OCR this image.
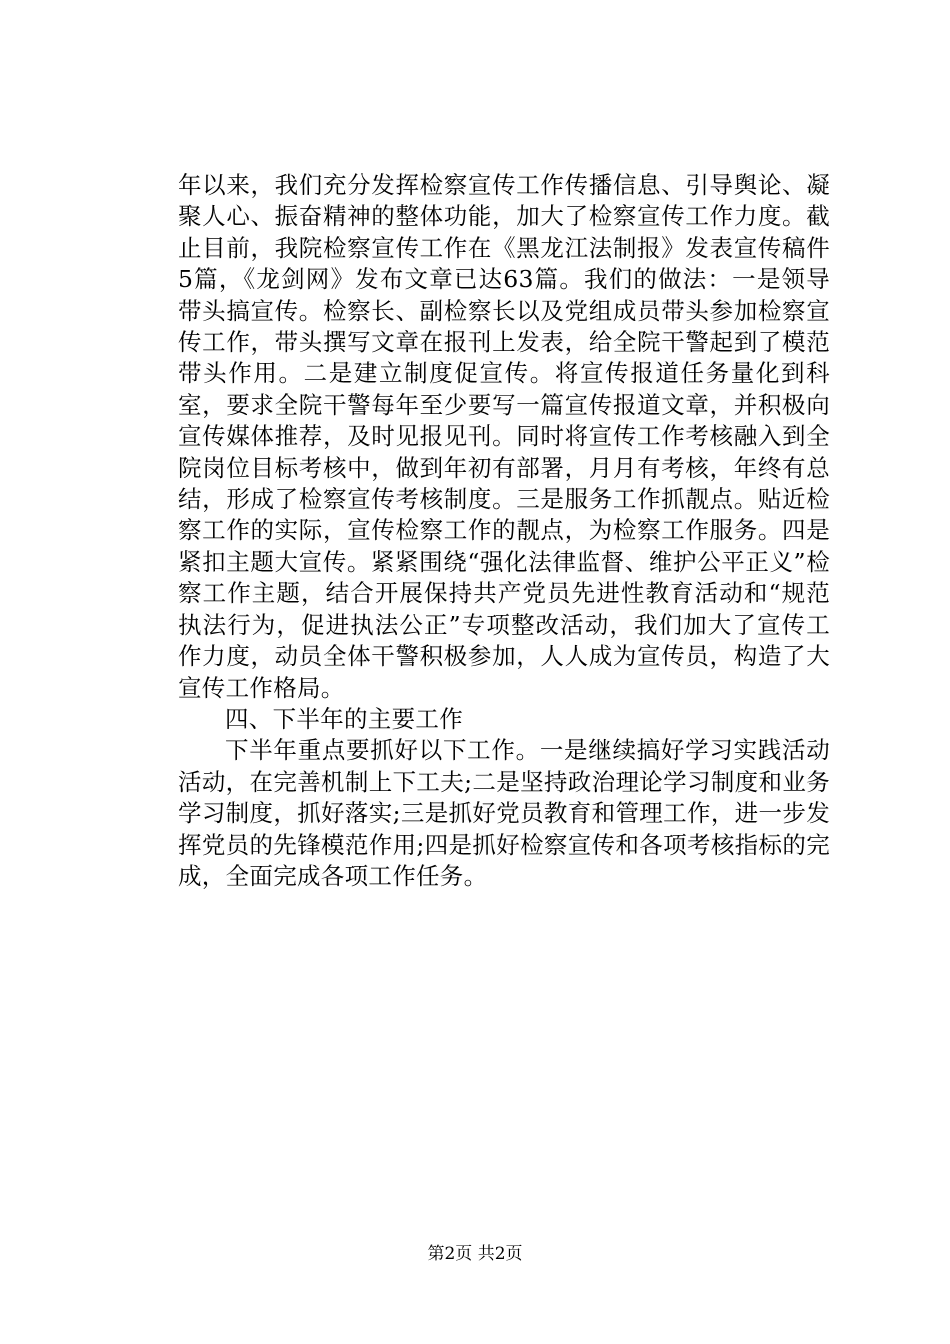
年以来，我们充分发挥检察宣传工作传播信息、引导舆论、凝聚人心、振奋精神的整体功能，加大了检察宣传工作力度。截止目前，我院检察宣传工作在《黑龙江法制报》发表宣传稿件5篇，《龙剑网》发布文章已达63篇。我们的做法：一是领导带头搞宣传。检察长、副检察长以及党组成员带头参加检察宣传工作，带头撰写文章在报刊上发表，给全院干警起到了模范带头作用。二是建立制度促宣传。将宣传报道任务量化到科室，要求全院干警每年至少要写一篇宣传报道文章，并积极向宣传媒体推荐，及时见报见刊。同时将宣传工作考核融入到全院岗位目标考核中，做到年初有部署，月月有考核，年终有总结，形成了检察宣传考核制度。三是服务工作抓靓点。贴近检察工作的实际，宣传检察工作的靓点，为检察工作服务。四是紧扣主题大宣传。紧紧围绕“强化法律监督、维护公平正义”检察工作主题，结合开展保持共产党员先进性教育活动和“规范执法行为，促进执法公正”专项整改活动，我们加大了宣传工作力度，动员全体干警积极参加，人人成为宣传员，构造了大宣传工作格局。

四、下半年的主要工作

下半年重点要抓好以下工作。一是继续搞好学习实践活动活动，在完善机制上下工夫;二是坚持政治理论学习制度和业务学习制度，抓好落实;三是抓好党员教育和管理工作，进一步发挥党员的先锋模范作用;四是抓好检察宣传和各项考核指标的完成，全面完成各项工作任务。

第2页 共2页
